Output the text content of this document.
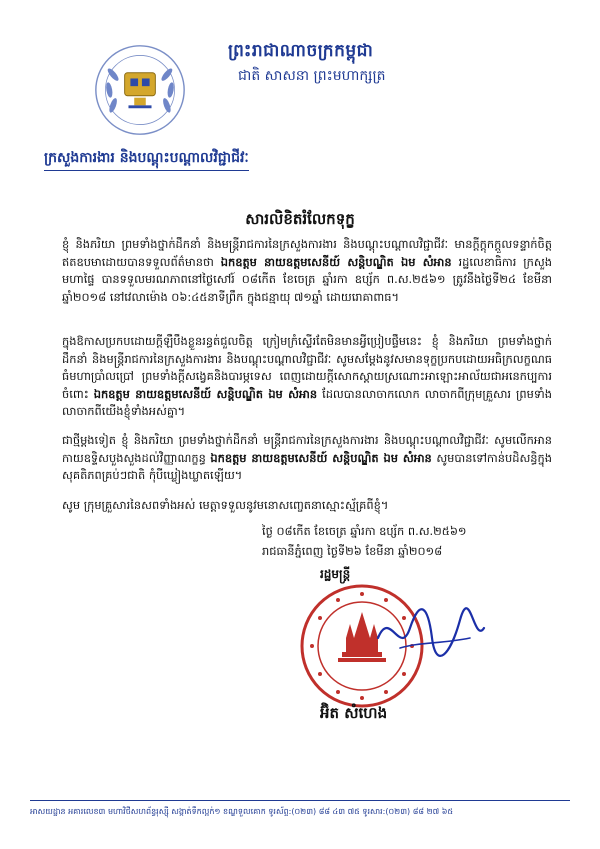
ព្រះរាជាណាចក្រកម្ពុជា
ជាតិ សាសនា ព្រះមហាក្សត្រ
ក្រសួងការងារ និងបណ្តុះបណ្តាលវិជ្ជាជីវៈ
សារលិខិតរំលែកទុក្ខ
ខ្ញុំ និងភរិយា ព្រមទាំងថ្នាក់ដឹកនាំ និងមន្ត្រីរាជការនៃក្រសួងការងារ និងបណ្តុះបណ្តាលវិជ្ជាជីវៈ មានក្តីក្តុកក្តួលទន្ទាក់ចិត្តឥតឧបមាដោយបានទទួលព័ត៌មានថា ឯកឧត្តម នាយឧត្តមសេនីយ៍ សន្តិបណ្ឌិត ឯម សំអាន រដ្ឋលេខាធិការ ក្រសួងមហាផ្ទៃ បានទទួលមរណភាពនៅថ្ងៃសៅរ៍ ០៨កើត ខែចេត្រ ឆ្នាំរកា ឧប្ស័ក ព.ស.២៥៦១ ត្រូវនឹងថ្ងៃទី២៤ ខែមីនា ឆ្នាំ២០១៨ នៅវេលាម៉ោង ០៦:៤៥នាទីព្រឹក ក្នុងជន្មាយុ ៧១ឆ្នាំ ដោយរោគាពាធ។
ក្នុងឱកាសប្រកបដោយក្តីឡឺបឹងខ្លួនរន្ធត់ជួលចិត្ត ក្រៀមក្រំស្ទើរតែមិនមានអ្វីប្រៀបផ្ទឹមនេះ ខ្ញុំ និងភរិយា ព្រមទាំងថ្នាក់ដឹកនាំ និងមន្ត្រីរាជការនៃក្រសួងការងារ និងបណ្តុះបណ្តាលវិជ្ជាជីវៈ សូមសម្តែងនូវសមានទុក្ខប្រកបដោយអធិក្រលក្ខណធធំមហាប្រាំលប្រៅ ព្រមទាំងក្តីសង្វេគនិងបារម្ភទេស ពេញដោយក្តីសោកស្តាយស្រណោះអាឡោះអាល័យជាអនេកប្បការចំពោះ ឯកឧត្តម នាយឧត្តមសេនីយ៍ សន្តិបណ្ឌិត ឯម សំអាន ដែលបានលាចាកលោក លាចាកពីក្រុមគ្រួសារ ព្រមទាំងលាចាកពីយើងខ្ញុំទាំងអស់គ្នា។
ជាថ្មីម្តងទៀត ខ្ញុំ និងភរិយា ព្រមទាំងថ្នាក់ដឹកនាំ មន្ត្រីរាជការនៃក្រសួងការងារ និងបណ្តុះបណ្តាលវិជ្ជាជីវៈ សូមលើកអានកាយឧទ្ទិសបួងសួងដល់វិញ្ញាណក្ខន្ធ ឯកឧត្តម នាយឧត្តមសេនីយ៍ សន្តិបណ្ឌិត ឯម សំអាន សូមបានទៅកាន់បដិសន្ធិក្នុងសុគតិភពគ្រប់ៗជាតិ កុំបីឃ្លៀងឃ្លាតឡើយ។
សូម ក្រុមគ្រួសារនៃសពទាំងអស់ មេត្តាទទួលនូវមនោសញ្ចេតនាស្មោះស្ម័គ្រពីខ្ញុំ។
ថ្ងៃ ០៨កើត ខែចេត្រ ឆ្នាំរកា ឧប្ស័ក ព.ស.២៥៦១
រាជធានីភ្នំពេញ ថ្ងៃទី២៦ ខែមីនា ឆ្នាំ២០១៨
រដ្ឋមន្ត្រី
អ៊ិត សំហេង
អាសយដ្ឋាន អគារលេខ៣ មហាវិថីសហព័ន្ធរុស្ស៊ី សង្កាត់ទឹកល្អក់១ ខណ្ឌទួលគោក ទូរស័ព្ទ:(០២៣) ៨៨ ៤៣ ៧៥ ទូរសារ:(០២៣) ៨៨ ២៧ ៦៥
